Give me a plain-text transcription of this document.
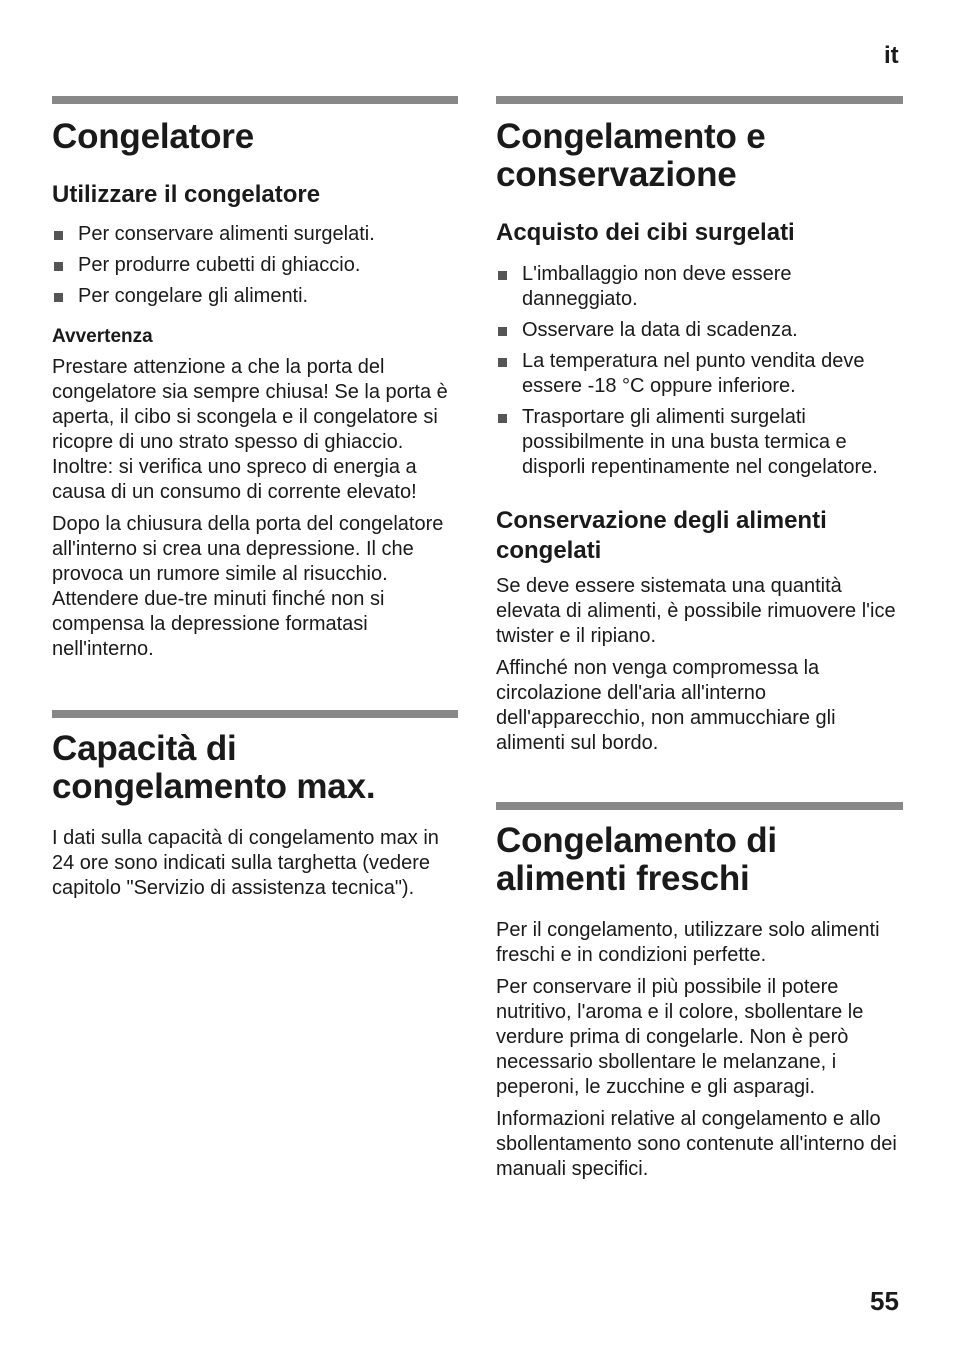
it
Congelatore
Utilizzare il congelatore
Per conservare alimenti surgelati.
Per produrre cubetti di ghiaccio.
Per congelare gli alimenti.
Avvertenza

Prestare attenzione a che la porta del congelatore sia sempre chiusa! Se la porta è aperta, il cibo si scongela e il congelatore si ricopre di uno strato spesso di ghiaccio. Inoltre: si verifica uno spreco di energia a causa di un consumo di corrente elevato!

Dopo la chiusura della porta del congelatore all'interno si crea una depressione. Il che provoca un rumore simile al risucchio. Attendere due-tre minuti finché non si compensa la depressione formatasi nell'interno.

Capacità di congelamento max.

I dati sulla capacità di congelamento max in 24 ore sono indicati sulla targhetta (vedere capitolo "Servizio di assistenza tecnica").

Congelamento e conservazione
Acquisto dei cibi surgelati
L'imballaggio non deve essere danneggiato.
Osservare la data di scadenza.
La temperatura nel punto vendita deve essere -18 °C oppure inferiore.
Trasportare gli alimenti surgelati possibilmente in una busta termica e disporli repentinamente nel congelatore.
Conservazione degli alimenti congelati

Se deve essere sistemata una quantità elevata di alimenti, è possibile rimuovere l'ice twister e il ripiano.

Affinché non venga compromessa la circolazione dell'aria all'interno dell'apparecchio, non ammucchiare gli alimenti sul bordo.

Congelamento di alimenti freschi

Per il congelamento, utilizzare solo alimenti freschi e in condizioni perfette.

Per conservare il più possibile il potere nutritivo, l'aroma e il colore, sbollentare le verdure prima di congelarle. Non è però necessario sbollentare le melanzane, i peperoni, le zucchine e gli asparagi.

Informazioni relative al congelamento e allo sbollentamento sono contenute all'interno dei manuali specifici.

55
